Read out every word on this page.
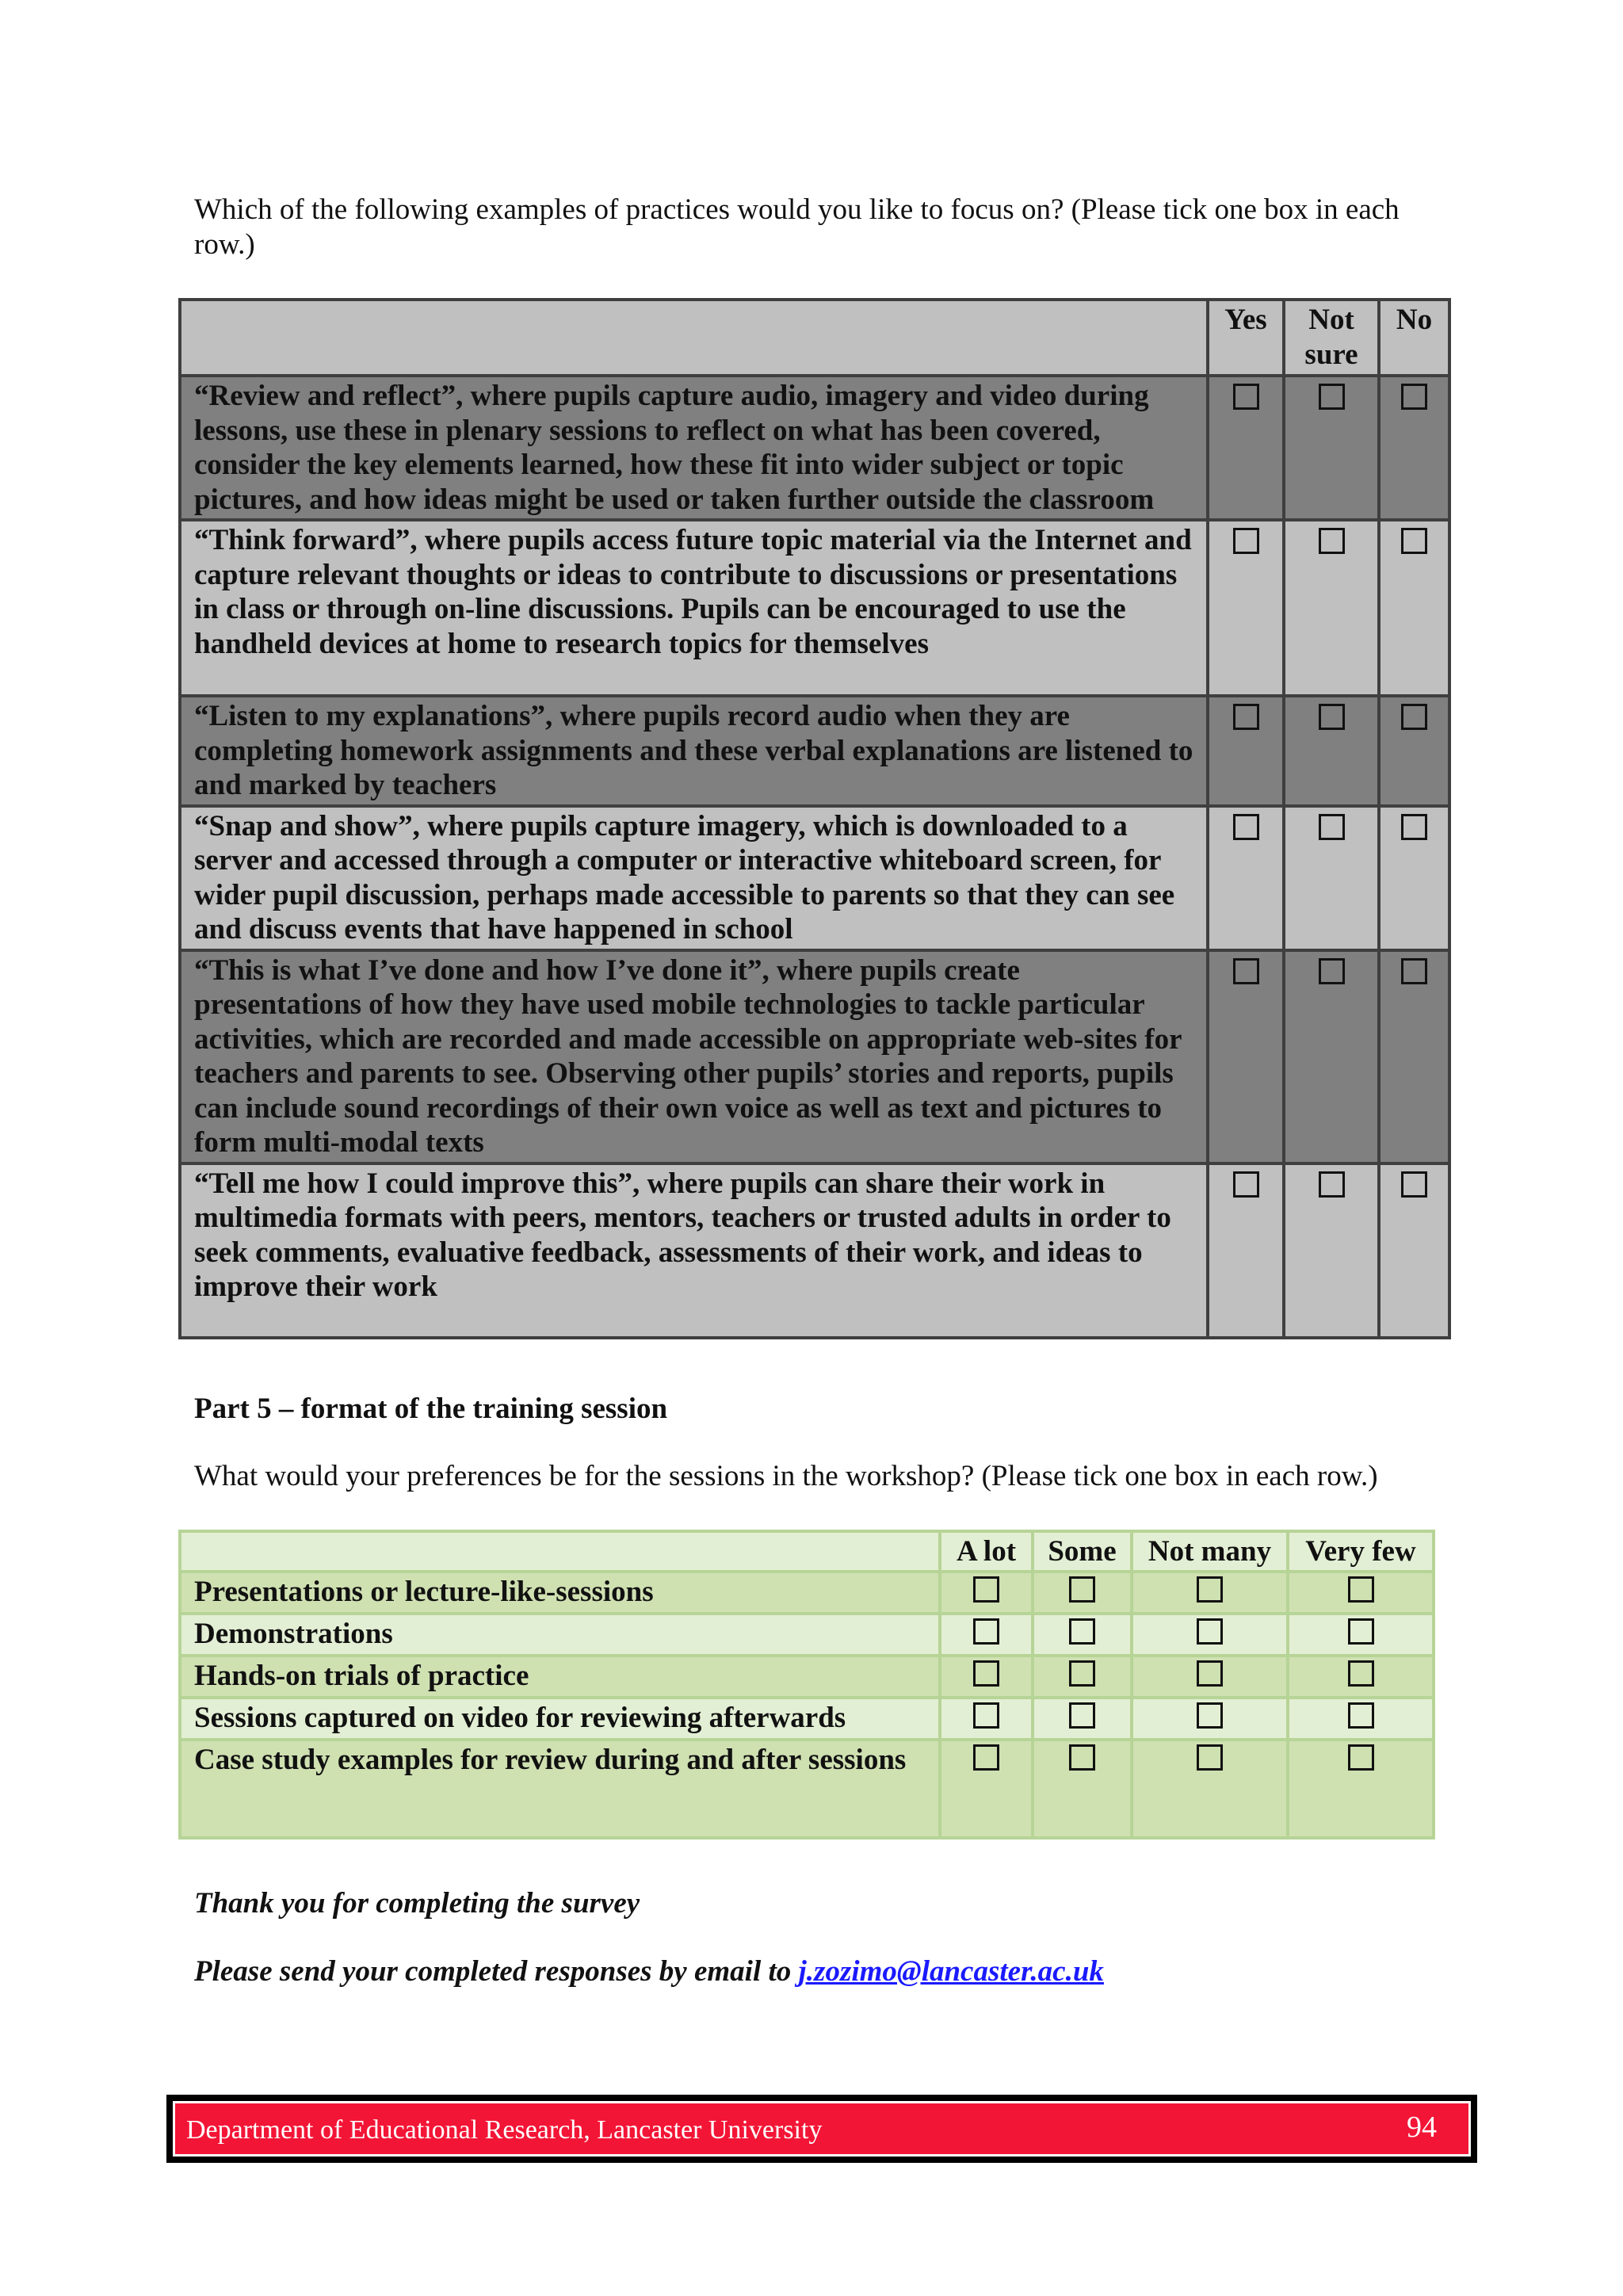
Which of the following examples of practices would you like to focus on? (Please tick one box in each row.)
	Yes	Not sure	No
“Review and reflect”, where pupils capture audio, imagery and video during lessons, use these in plenary sessions to reflect on what has been covered, consider the key elements learned, how these fit into wider subject or topic pictures, and how ideas might be used or taken further outside the classroom			
“Think forward”, where pupils access future topic material via the Internet and capture relevant thoughts or ideas to contribute to discussions or presentations in class or through on-line discussions. Pupils can be encouraged to use the handheld devices at home to research topics for themselves			
“Listen to my explanations”, where pupils record audio when they are completing homework assignments and these verbal explanations are listened to and marked by teachers			
“Snap and show”, where pupils capture imagery, which is downloaded to a server and accessed through a computer or interactive whiteboard screen, for wider pupil discussion, perhaps made accessible to parents so that they can see and discuss events that have happened in school			
“This is what I’ve done and how I’ve done it”, where pupils create presentations of how they have used mobile technologies to tackle particular activities, which are recorded and made accessible on appropriate web-sites for teachers and parents to see. Observing other pupils’ stories and reports, pupils can include sound recordings of their own voice as well as text and pictures to form multi-modal texts			
“Tell me how I could improve this”, where pupils can share their work in multimedia formats with peers, mentors, teachers or trusted adults in order to seek comments, evaluative feedback, assessments of their work, and ideas to improve their work			
Part 5 – format of the training session
What would your preferences be for the sessions in the workshop? (Please tick one box in each row.)
	A lot	Some	Not many	Very few
Presentations or lecture-like-sessions				
Demonstrations				
Hands-on trials of practice				
Sessions captured on video for reviewing afterwards				
Case study examples for review during and after sessions				
Thank you for completing the survey
Please send your completed responses by email to j.zozimo@lancaster.ac.uk
Department of Educational Research, Lancaster University	94
